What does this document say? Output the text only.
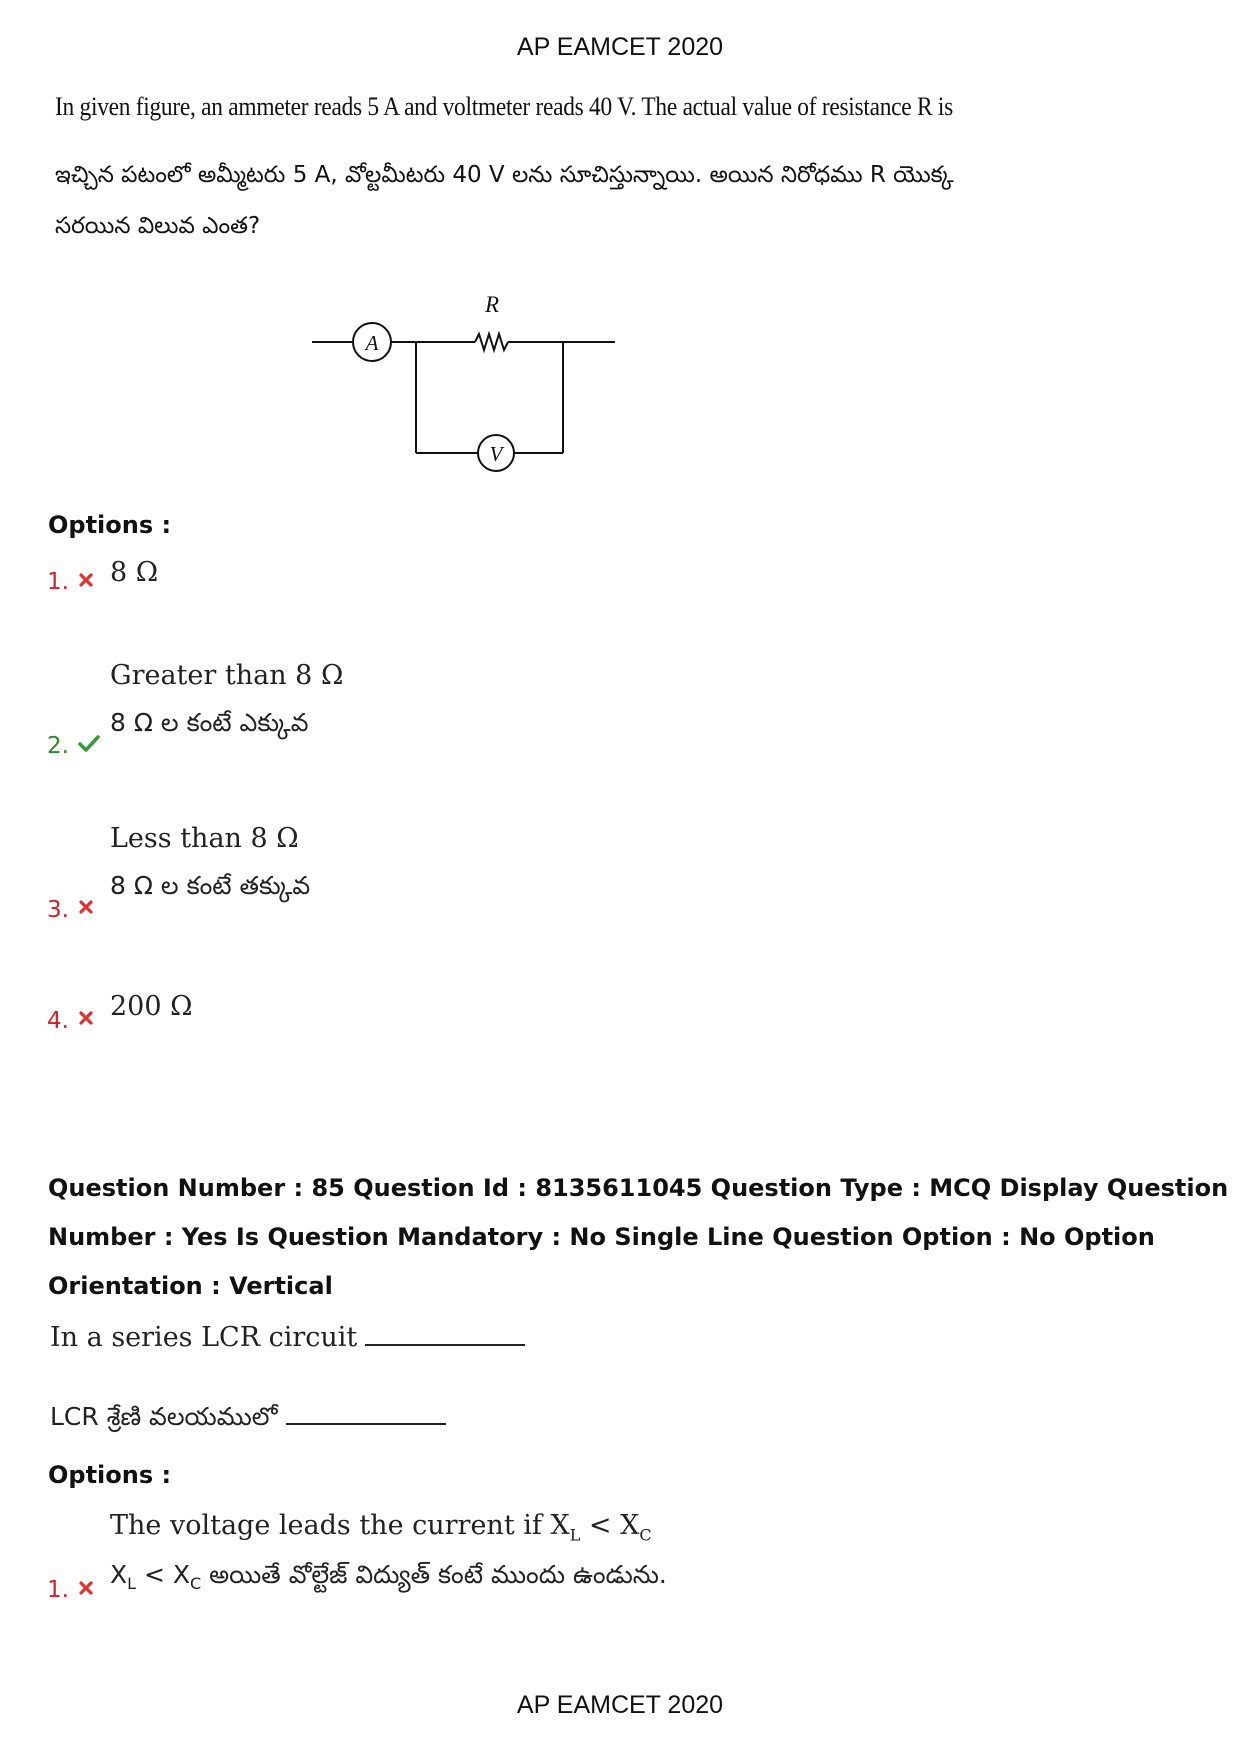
AP EAMCET 2020
In given figure, an ammeter reads 5 A and voltmeter reads 40 V. The actual value of resistance R is
ఇచ్చిన పటంలో అమ్మీటరు 5 A, వోల్టమీటరు 40 V లను సూచిస్తున్నాయి. అయిన నిరోధము R యొక్క
సరయిన విలువ ఎంత?
A
V
R
Options :
1. 8 Ω
2.
Greater than 8 Ω
8 Ω ల కంటే ఎక్కువ
3.
Less than 8 Ω
8 Ω ల కంటే తక్కువ
4. 200 Ω
Question Number : 85 Question Id : 8135611045 Question Type : MCQ Display Question
Number : Yes Is Question Mandatory : No Single Line Question Option : No Option
Orientation : Vertical
In a series LCR circuit
LCR శ్రేణి వలయములో
Options :
1.
The voltage leads the current if $X_L < X_C$
$X_L < X_C$ అయితే వోల్టేజ్ విద్యుత్ కంటే ముందు ఉండును.
AP EAMCET 2020
